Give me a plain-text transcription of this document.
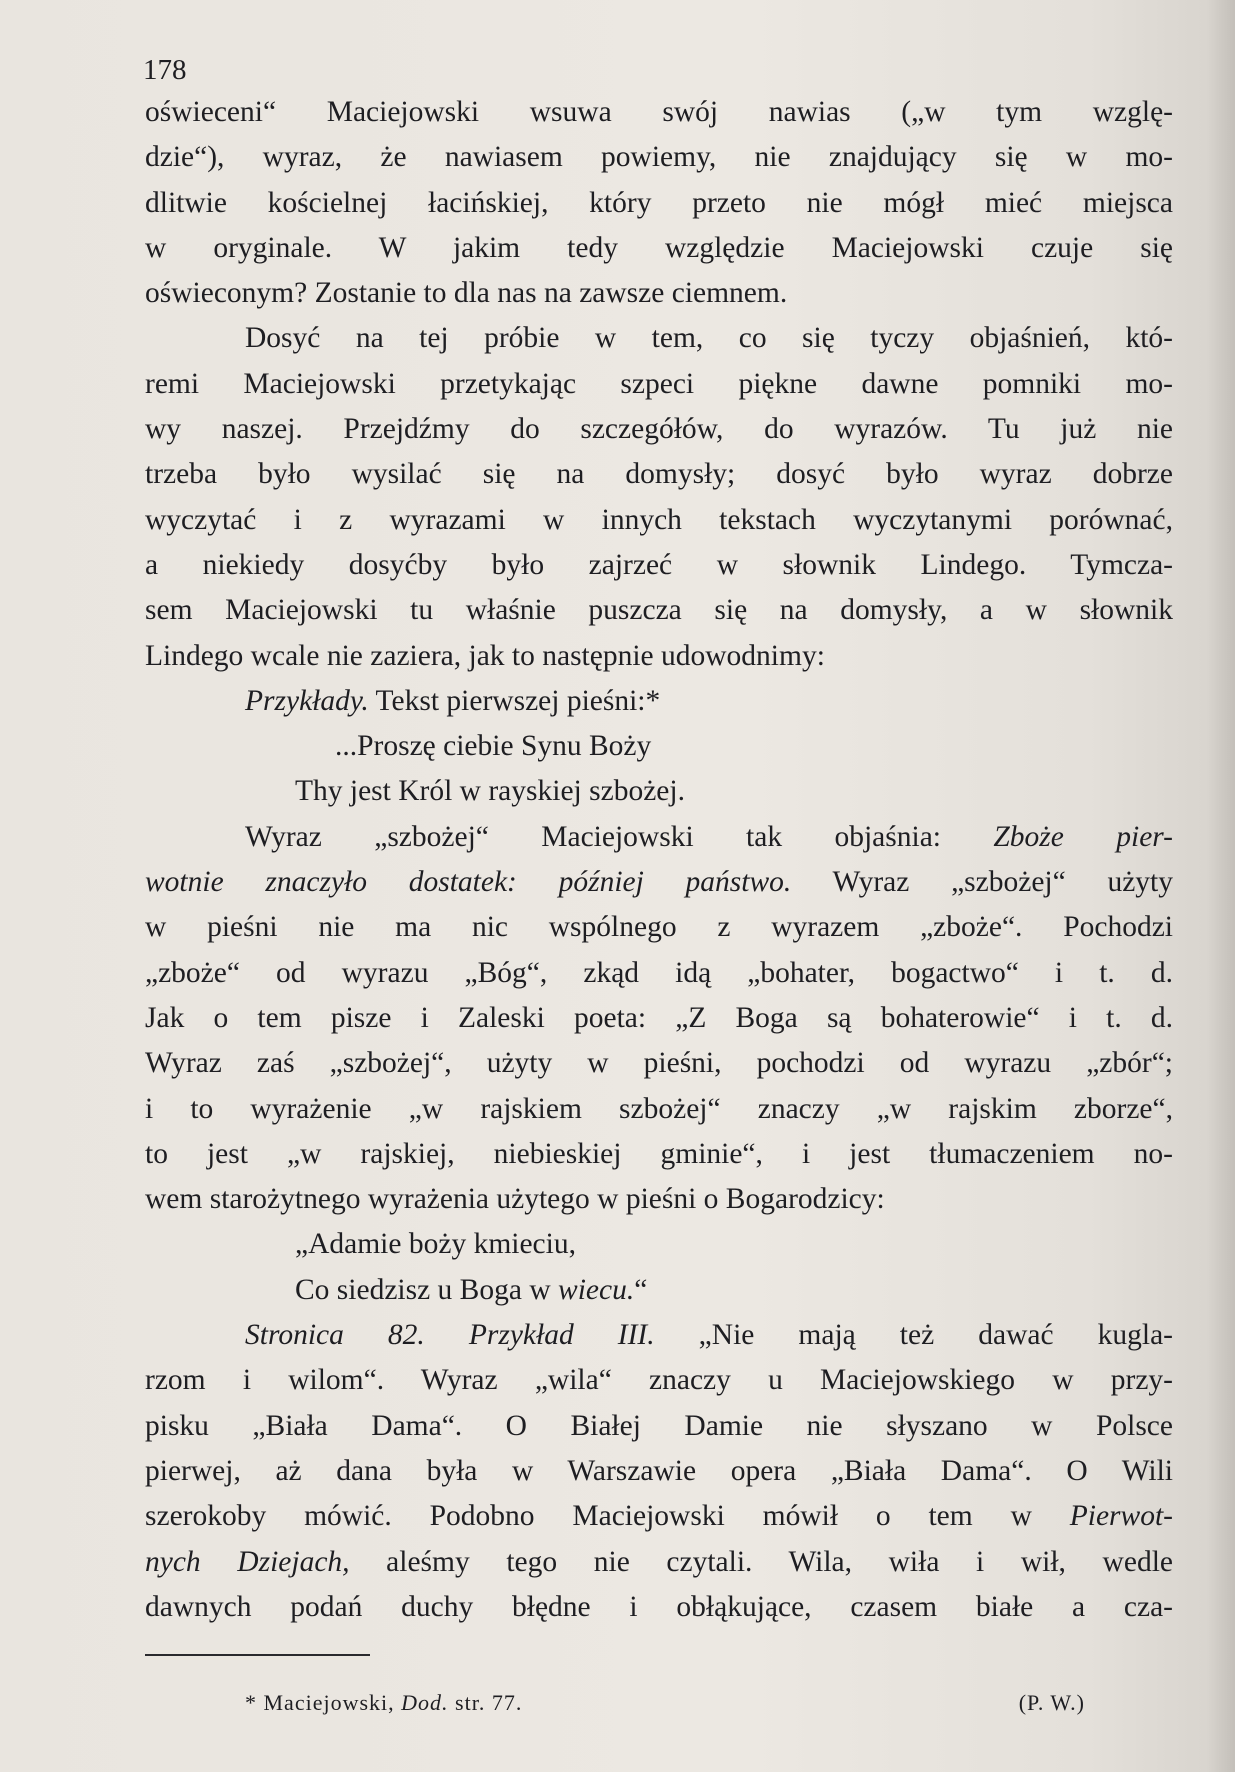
178
oświeceni“ Maciejowski wsuwa swój nawias („w tym wzglę-
dzie“), wyraz, że nawiasem powiemy, nie znajdujący się w mo-
dlitwie kościelnej łacińskiej, który przeto nie mógł mieć miejsca
w oryginale. W jakim tedy względzie Maciejowski czuje się
oświeconym? Zostanie to dla nas na zawsze ciemnem.
Dosyć na tej próbie w tem, co się tyczy objaśnień, któ-
remi Maciejowski przetykając szpeci piękne dawne pomniki mo-
wy naszej. Przejdźmy do szczegółów, do wyrazów. Tu już nie
trzeba było wysilać się na domysły; dosyć było wyraz dobrze
wyczytać i z wyrazami w innych tekstach wyczytanymi porównać,
a niekiedy dosyćby było zajrzeć w słownik Lindego. Tymcza-
sem Maciejowski tu właśnie puszcza się na domysły, a w słownik
Lindego wcale nie zaziera, jak to następnie udowodnimy:
Przykłady. Tekst pierwszej pieśni:*
...Proszę ciebie Synu Boży
Thy jest Król w rayskiej szbożej.
Wyraz „szbożej“ Maciejowski tak objaśnia: Zboże pier-
wotnie znaczyło dostatek: później państwo. Wyraz „szbożej“ użyty
w pieśni nie ma nic wspólnego z wyrazem „zboże“. Pochodzi
„zboże“ od wyrazu „Bóg“, zkąd idą „bohater, bogactwo“ i t. d.
Jak o tem pisze i Zaleski poeta: „Z Boga są bohaterowie“ i t. d.
Wyraz zaś „szbożej“, użyty w pieśni, pochodzi od wyrazu „zbór“;
i to wyrażenie „w rajskiem szbożej“ znaczy „w rajskim zborze“,
to jest „w rajskiej, niebieskiej gminie“, i jest tłumaczeniem no-
wem starożytnego wyrażenia użytego w pieśni o Bogarodzicy:
„Adamie boży kmieciu,
Co siedzisz u Boga w wiecu.“
Stronica 82. Przykład III. „Nie mają też dawać kugla-
rzom i wilom“. Wyraz „wila“ znaczy u Maciejowskiego w przy-
pisku „Biała Dama“. O Białej Damie nie słyszano w Polsce
pierwej, aż dana była w Warszawie opera „Biała Dama“. O Wili
szerokoby mówić. Podobno Maciejowski mówił o tem w Pierwot-
nych Dziejach, aleśmy tego nie czytali. Wila, wiła i wił, wedle
dawnych podań duchy błędne i obłąkujące, czasem białe a cza-
* Maciejowski, Dod. str. 77.	(P. W.)
